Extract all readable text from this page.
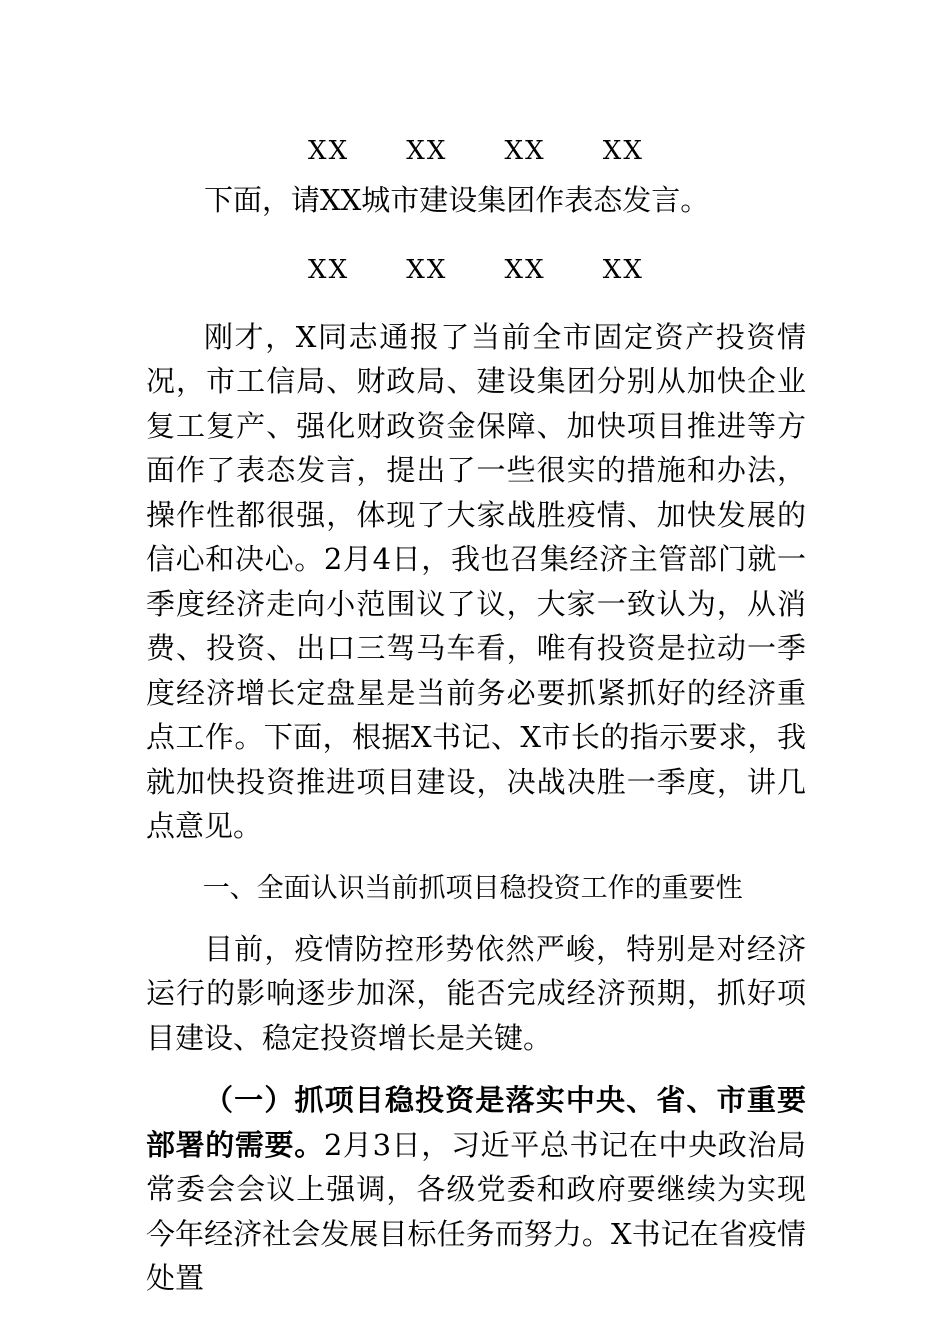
XX  XX  XX  XX

下面，请XX城市建设集团作表态发言。

XX  XX  XX  XX

刚才，X同志通报了当前全市固定资产投资情况，市工信局、财政局、建设集团分别从加快企业复工复产、强化财政资金保障、加快项目推进等方面作了表态发言，提出了一些很实的措施和办法，操作性都很强，体现了大家战胜疫情、加快发展的信心和决心。2月4日，我也召集经济主管部门就一季度经济走向小范围议了议，大家一致认为，从消费、投资、出口三驾马车看，唯有投资是拉动一季度经济增长定盘星是当前务必要抓紧抓好的经济重点工作。下面，根据X书记、X市长的指示要求，我就加快投资推进项目建设，决战决胜一季度，讲几点意见。

一、全面认识当前抓项目稳投资工作的重要性

目前，疫情防控形势依然严峻，特别是对经济运行的影响逐步加深，能否完成经济预期，抓好项目建设、稳定投资增长是关键。

（一）抓项目稳投资是落实中央、省、市重要部署的需要。2月3日，习近平总书记在中央政治局常委会会议上强调，各级党委和政府要继续为实现今年经济社会发展目标任务而努力。X书记在省疫情处置
